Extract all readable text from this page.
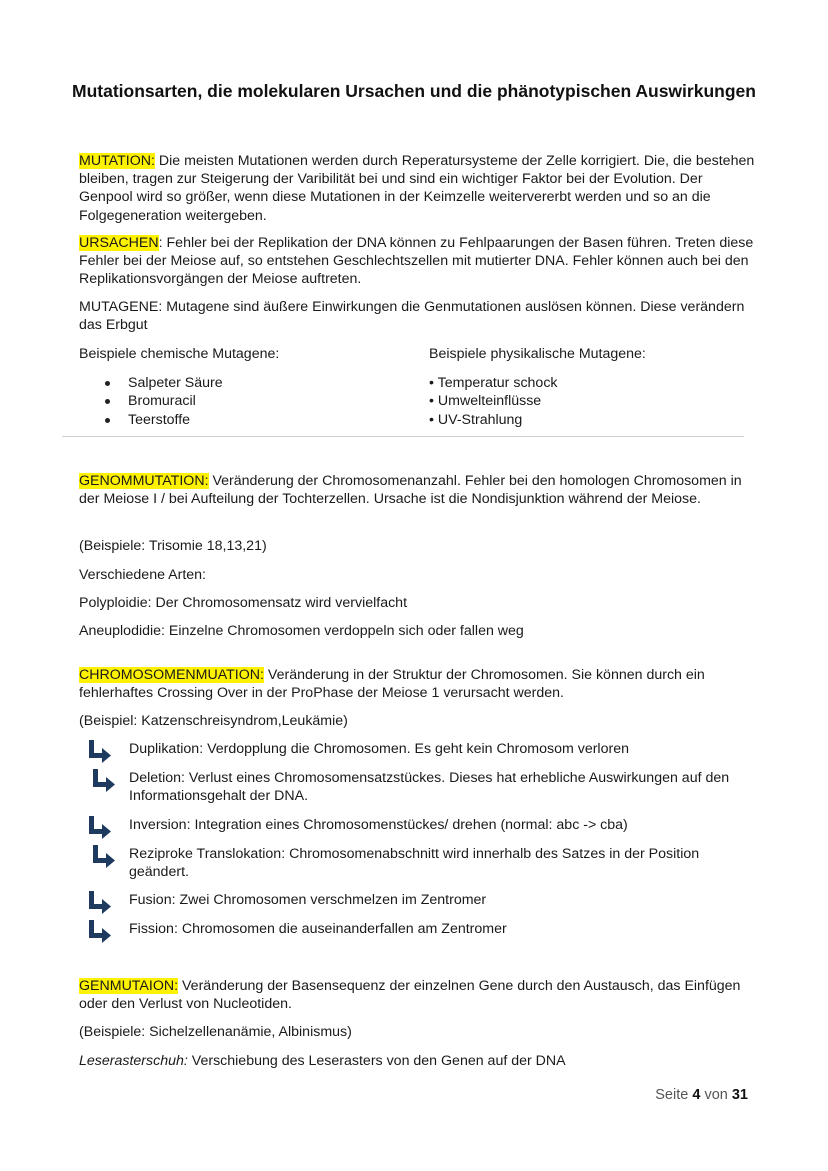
Mutationsarten, die molekularen Ursachen und die phänotypischen Auswirkungen
MUTATION: Die meisten Mutationen werden durch Reperatursysteme der Zelle korrigiert. Die, die bestehen bleiben, tragen zur Steigerung der Varibilität bei und sind ein wichtiger Faktor bei der Evolution. Der Genpool wird so größer, wenn diese Mutationen in der Keimzelle weitervererbt werden und so an die Folgegeneration weitergeben.
URSACHEN: Fehler bei der Replikation der DNA können zu Fehlpaarungen der Basen führen. Treten diese Fehler bei der Meiose auf, so entstehen Geschlechtszellen mit mutierter DNA. Fehler können auch bei den Replikationsvorgängen der Meiose auftreten.
MUTAGENE: Mutagene sind äußere Einwirkungen die Genmutationen auslösen können. Diese verändern das Erbgut
Beispiele chemische Mutagene:	Beispiele physikalische Mutagene:
Salpeter Säure
Bromuracil
Teerstoffe
• Temperatur schock
• Umwelteinflüsse
• UV-Strahlung
GENOMMUTATION: Veränderung der Chromosomenanzahl. Fehler bei den homologen Chromosomen in der Meiose I / bei Aufteilung der Tochterzellen. Ursache ist die Nondisjunktion während der Meiose.
(Beispiele: Trisomie 18,13,21)
Verschiedene Arten:
Polyploidie: Der Chromosomensatz wird vervielfacht
Aneuplodidie: Einzelne Chromosomen verdoppeln sich oder fallen weg
CHROMOSOMENMUATION: Veränderung in der Struktur der Chromosomen. Sie können durch ein fehlerhaftes Crossing Over in der ProPhase der Meiose 1 verursacht werden.
(Beispiel: Katzenschreisyndrom,Leukämie)
Duplikation: Verdopplung die Chromosomen. Es geht kein Chromosom verloren
Deletion: Verlust eines Chromosomensatzstückes. Dieses hat erhebliche Auswirkungen auf den Informationsgehalt der DNA.
Inversion: Integration eines Chromosomenstückes/ drehen (normal: abc -> cba)
Reziproke Translokation: Chromosomenabschnitt wird innerhalb des Satzes in der Position geändert.
Fusion: Zwei Chromosomen verschmelzen im Zentromer
Fission: Chromosomen die auseinanderfallen am Zentromer
GENMUTAION: Veränderung der Basensequenz der einzelnen Gene durch den Austausch, das Einfügen oder den Verlust von Nucleotiden.
(Beispiele: Sichelzellenanämie, Albinismus)
Leserasterschuh: Verschiebung des Leserasters von den Genen auf der DNA
Seite 4 von 31
